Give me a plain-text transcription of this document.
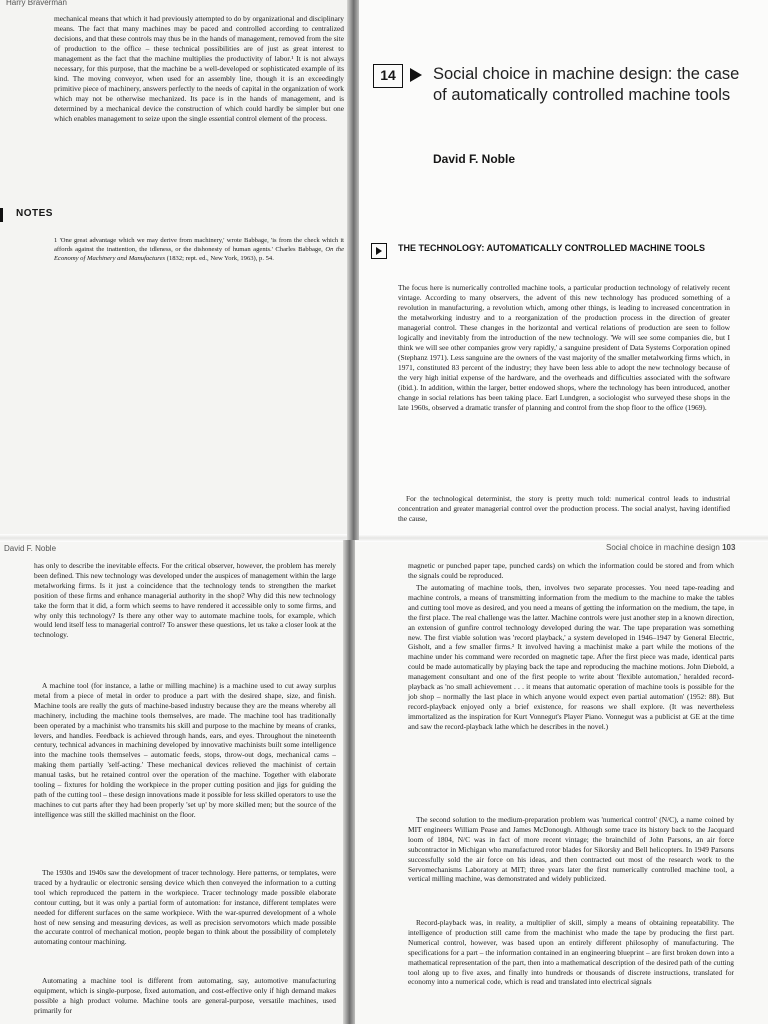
Harry Braverman
mechanical means that which it had previously attempted to do by organizational and disciplinary means. The fact that many machines may be paced and controlled according to centralized decisions, and that these controls may thus be in the hands of management, removed from the site of production to the office – these technical possibilities are of just as great interest to management as the fact that the machine multiplies the productivity of labor.¹ It is not always necessary, for this purpose, that the machine be a well-developed or sophisticated example of its kind. The moving conveyor, when used for an assembly line, though it is an exceedingly primitive piece of machinery, answers perfectly to the needs of capital in the organization of work which may not be otherwise mechanized. Its pace is in the hands of management, and is determined by a mechanical device the construction of which could hardly be simpler but one which enables management to seize upon the single essential control element of the process.
NOTES
1 'One great advantage which we may derive from machinery,' wrote Babbage, 'is from the check which it affords against the inattention, the idleness, or the dishonesty of human agents.' Charles Babbage, On the Economy of Machinery and Manufactures (1832; rept. ed., New York, 1963), p. 54.
14	Social choice in machine design: the case of automatically controlled machine tools
David F. Noble
THE TECHNOLOGY: AUTOMATICALLY CONTROLLED MACHINE TOOLS
The focus here is numerically controlled machine tools, a particular production technology of relatively recent vintage. According to many observers, the advent of this new technology has produced something of a revolution in manufacturing, a revolution which, among other things, is leading to increased concentration in the metalworking industry and to a reorganization of the production process in the direction of greater managerial control. These changes in the horizontal and vertical relations of production are seen to follow logically and inevitably from the introduction of the new technology. 'We will see some companies die, but I think we will see other companies grow very rapidly,' a sanguine president of Data Systems Corporation opined (Stephanz 1971). Less sanguine are the owners of the vast majority of the smaller metalworking firms which, in 1971, constituted 83 percent of the industry; they have been less able to adopt the new technology because of the very high initial expense of the hardware, and the overheads and difficulties associated with the software (ibid.). In addition, within the larger, better endowed shops, where the technology has been introduced, another change in social relations has been taking place. Earl Lundgren, a sociologist who surveyed these shops in the late 1960s, observed a dramatic transfer of planning and control from the shop floor to the office (1969).
For the technological determinist, the story is pretty much told: numerical control leads to industrial concentration and greater managerial control over the production process. The social analyst, having identified the cause,
David F. Noble
has only to describe the inevitable effects. For the critical observer, however, the problem has merely been defined. This new technology was developed under the auspices of management within the large metalworking firms. Is it just a coincidence that the technology tends to strengthen the market position of these firms and enhance managerial authority in the shop? Why did this new technology take the form that it did, a form which seems to have rendered it accessible only to some firms, and why only this technology? Is there any other way to automate machine tools, for example, which would lend itself less to managerial control? To answer these questions, let us take a closer look at the technology.
A machine tool (for instance, a lathe or milling machine) is a machine used to cut away surplus metal from a piece of metal in order to produce a part with the desired shape, size, and finish. Machine tools are really the guts of machine-based industry because they are the means whereby all machinery, including the machine tools themselves, are made. The machine tool has traditionally been operated by a machinist who transmits his skill and purpose to the machine by means of cranks, levers, and handles. Feedback is achieved through hands, ears, and eyes. Throughout the nineteenth century, technical advances in machining developed by innovative machinists built some intelligence into the machine tools themselves – automatic feeds, stops, throw-out dogs, mechanical cams – making them partially 'self-acting.' These mechanical devices relieved the machinist of certain manual tasks, but he retained control over the operation of the machine. Together with elaborate tooling – fixtures for holding the workpiece in the proper cutting position and jigs for guiding the path of the cutting tool – these design innovations made it possible for less skilled operators to use the machines to cut parts after they had been properly 'set up' by more skilled men; but the source of the intelligence was still the skilled machinist on the floor.
The 1930s and 1940s saw the development of tracer technology. Here patterns, or templates, were traced by a hydraulic or electronic sensing device which then conveyed the information to a cutting tool which reproduced the pattern in the workpiece. Tracer technology made possible elaborate contour cutting, but it was only a partial form of automation: for instance, different templates were needed for different surfaces on the same workpiece. With the war-spurred development of a whole host of new sensing and measuring devices, as well as precision servomotors which made possible the accurate control of mechanical motion, people began to think about the possibility of completely automating contour machining.
Automating a machine tool is different from automating, say, automotive manufacturing equipment, which is single-purpose, fixed automation, and cost-effective only if high demand makes possible a high product volume. Machine tools are general-purpose, versatile machines, used primarily for
Social choice in machine design 103
magnetic or punched paper tape, punched cards) on which the information could be stored and from which the signals could be reproduced.
The automating of machine tools, then, involves two separate processes. You need tape-reading and machine controls, a means of transmitting information from the medium to the machine to make the tables and cutting tool move as desired, and you need a means of getting the information on the medium, the tape, in the first place. The real challenge was the latter. Machine controls were just another step in a known direction, an extension of gunfire control technology developed during the war. The tape preparation was something new. The first viable solution was 'record playback,' a system developed in 1946–1947 by General Electric, Gisholt, and a few smaller firms.² It involved having a machinist make a part while the motions of the machine under his command were recorded on magnetic tape. After the first piece was made, identical parts could be made automatically by playing back the tape and reproducing the machine motions. John Diebold, a management consultant and one of the first people to write about 'flexible automation,' heralded record-playback as 'no small achievement . . . it means that automatic operation of machine tools is possible for the job shop – normally the last place in which anyone would expect even partial automation' (1952: 88). But record-playback enjoyed only a brief existence, for reasons we shall explore. (It was nevertheless immortalized as the inspiration for Kurt Vonnegut's Player Piano. Vonnegut was a publicist at GE at the time and saw the record-playback lathe which he describes in the novel.)
The second solution to the medium-preparation problem was 'numerical control' (N/C), a name coined by MIT engineers William Pease and James McDonough. Although some trace its history back to the Jacquard loom of 1804, N/C was in fact of more recent vintage; the brainchild of John Parsons, an air force subcontractor in Michigan who manufactured rotor blades for Sikorsky and Bell helicopters. In 1949 Parsons successfully sold the air force on his ideas, and then contracted out most of the research work to the Servomechanisms Laboratory at MIT; three years later the first numerically controlled machine tool, a vertical milling machine, was demonstrated and widely publicized.
Record-playback was, in reality, a multiplier of skill, simply a means of obtaining repeatability. The intelligence of production still came from the machinist who made the tape by producing the first part. Numerical control, however, was based upon an entirely different philosophy of manufacturing. The specifications for a part – the information contained in an engineering blueprint – are first broken down into a mathematical representation of the part, then into a mathematical description of the desired path of the cutting tool along up to five axes, and finally into hundreds or thousands of discrete instructions, translated for economy into a numerical code, which is read and translated into electrical signals
